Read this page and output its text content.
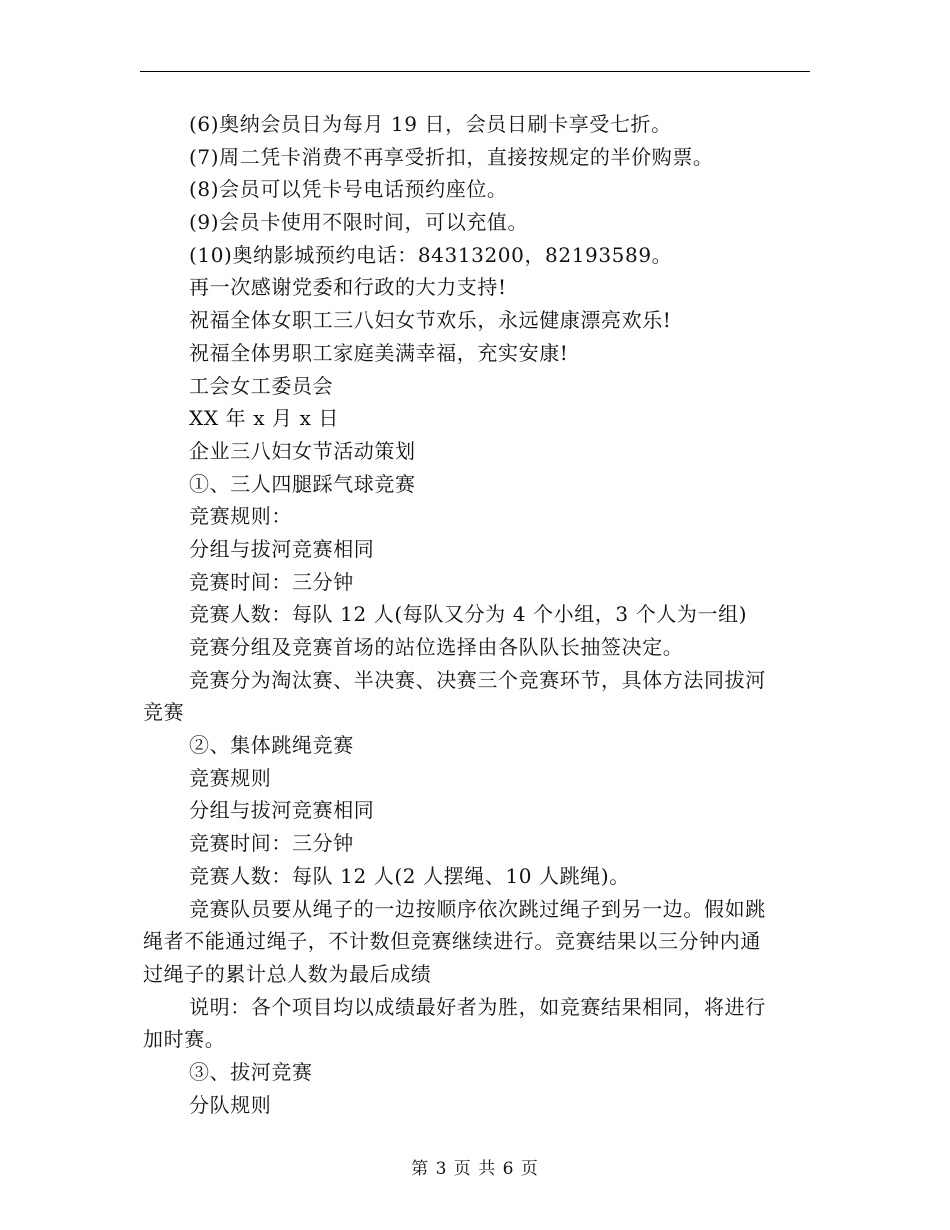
(6)奥纳会员日为每月 19 日，会员日刷卡享受七折。
(7)周二凭卡消费不再享受折扣，直接按规定的半价购票。
(8)会员可以凭卡号电话预约座位。
(9)会员卡使用不限时间，可以充值。
(10)奥纳影城预约电话：84313200，82193589。
再一次感谢党委和行政的大力支持!
祝福全体女职工三八妇女节欢乐，永远健康漂亮欢乐!
祝福全体男职工家庭美满幸福，充实安康!
工会女工委员会
XX 年 x 月 x 日
企业三八妇女节活动策划
①、三人四腿踩气球竞赛
竞赛规则：
分组与拔河竞赛相同
竞赛时间：三分钟
竞赛人数：每队 12 人(每队又分为 4 个小组，3 个人为一组)
竞赛分组及竞赛首场的站位选择由各队队长抽签决定。
竞赛分为淘汰赛、半决赛、决赛三个竞赛环节，具体方法同拔河
竞赛
②、集体跳绳竞赛
竞赛规则
分组与拔河竞赛相同
竞赛时间：三分钟
竞赛人数：每队 12 人(2 人摆绳、10 人跳绳)。
竞赛队员要从绳子的一边按顺序依次跳过绳子到另一边。假如跳
绳者不能通过绳子，不计数但竞赛继续进行。竞赛结果以三分钟内通
过绳子的累计总人数为最后成绩
说明：各个项目均以成绩最好者为胜，如竞赛结果相同，将进行
加时赛。
③、拔河竞赛
分队规则
第 3 页 共 6 页
